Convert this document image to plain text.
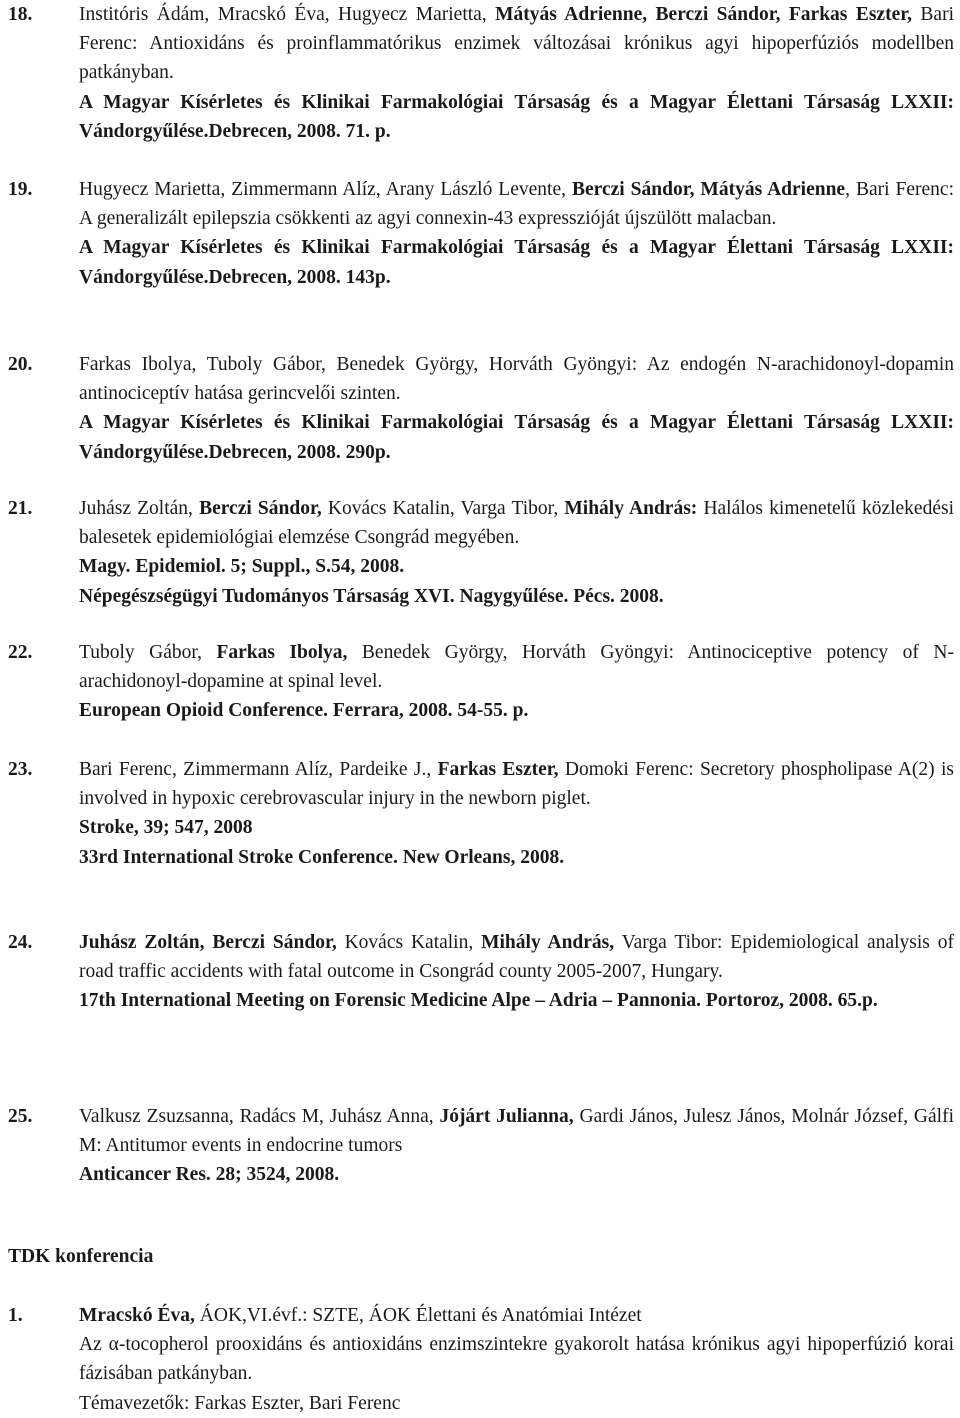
18. Institóris Ádám, Mracskó Éva, Hugyecz Marietta, Mátyás Adrienne, Berczi Sándor, Farkas Eszter, Bari Ferenc: Antioxidáns és proinflammatórikus enzimek változásai krónikus agyi hipoperfúziós modellben patkányban.

A Magyar Kísérletes és Klinikai Farmakológiai Társaság és a Magyar Élettani Társaság LXXII: Vándorgyűlése.Debrecen, 2008. 71. p.

19. Hugyecz Marietta, Zimmermann Alíz, Arany László Levente, Berczi Sándor, Mátyás Adrienne, Bari Ferenc: A generalizált epilepszia csökkenti az agyi connexin-43 expresszióját újszülött malacban.

A Magyar Kísérletes és Klinikai Farmakológiai Társaság és a Magyar Élettani Társaság LXXII: Vándorgyűlése.Debrecen, 2008. 143p.

20. Farkas Ibolya, Tuboly Gábor, Benedek György, Horváth Gyöngyi: Az endogén N-arachidonoyl-dopamin antinociceptív hatása gerincvelői szinten.

A Magyar Kísérletes és Klinikai Farmakológiai Társaság és a Magyar Élettani Társaság LXXII: Vándorgyűlése.Debrecen, 2008. 290p.

21. Juhász Zoltán, Berczi Sándor, Kovács Katalin, Varga Tibor, Mihály András: Halálos kimenetelű közlekedési balesetek epidemiológiai elemzése Csongrád megyében.

Magy. Epidemiol. 5; Suppl., S.54, 2008.

Népegészségügyi Tudományos Társaság XVI. Nagygyűlése. Pécs. 2008.

22. Tuboly Gábor, Farkas Ibolya, Benedek György, Horváth Gyöngyi: Antinociceptive potency of N-arachidonoyl-dopamine at spinal level.

European Opioid Conference. Ferrara, 2008. 54-55. p.

23. Bari Ferenc, Zimmermann Alíz, Pardeike J., Farkas Eszter, Domoki Ferenc: Secretory phospholipase A(2) is involved in hypoxic cerebrovascular injury in the newborn piglet.

Stroke, 39; 547, 2008

33rd International Stroke Conference. New Orleans, 2008.

24. Juhász Zoltán, Berczi Sándor, Kovács Katalin, Mihály András, Varga Tibor: Epidemiological analysis of road traffic accidents with fatal outcome in Csongrád county 2005-2007, Hungary.

17th International Meeting on Forensic Medicine Alpe – Adria – Pannonia. Portoroz, 2008. 65.p.

25. Valkusz Zsuzsanna, Radács M, Juhász Anna, Jójárt Julianna, Gardi János, Julesz János, Molnár József, Gálfi M: Antitumor events in endocrine tumors

Anticancer Res. 28; 3524, 2008.

TDK konferencia
1.	Mracskó Éva, ÁOK,VI.évf.: SZTE, ÁOK Élettani és Anatómiai Intézet

Az α-tocopherol prooxidáns és antioxidáns enzimszintekre gyakorolt hatása krónikus agyi hipoperfúzió korai fázisában patkányban.

Témavezetők: Farkas Eszter, Bari Ferenc
